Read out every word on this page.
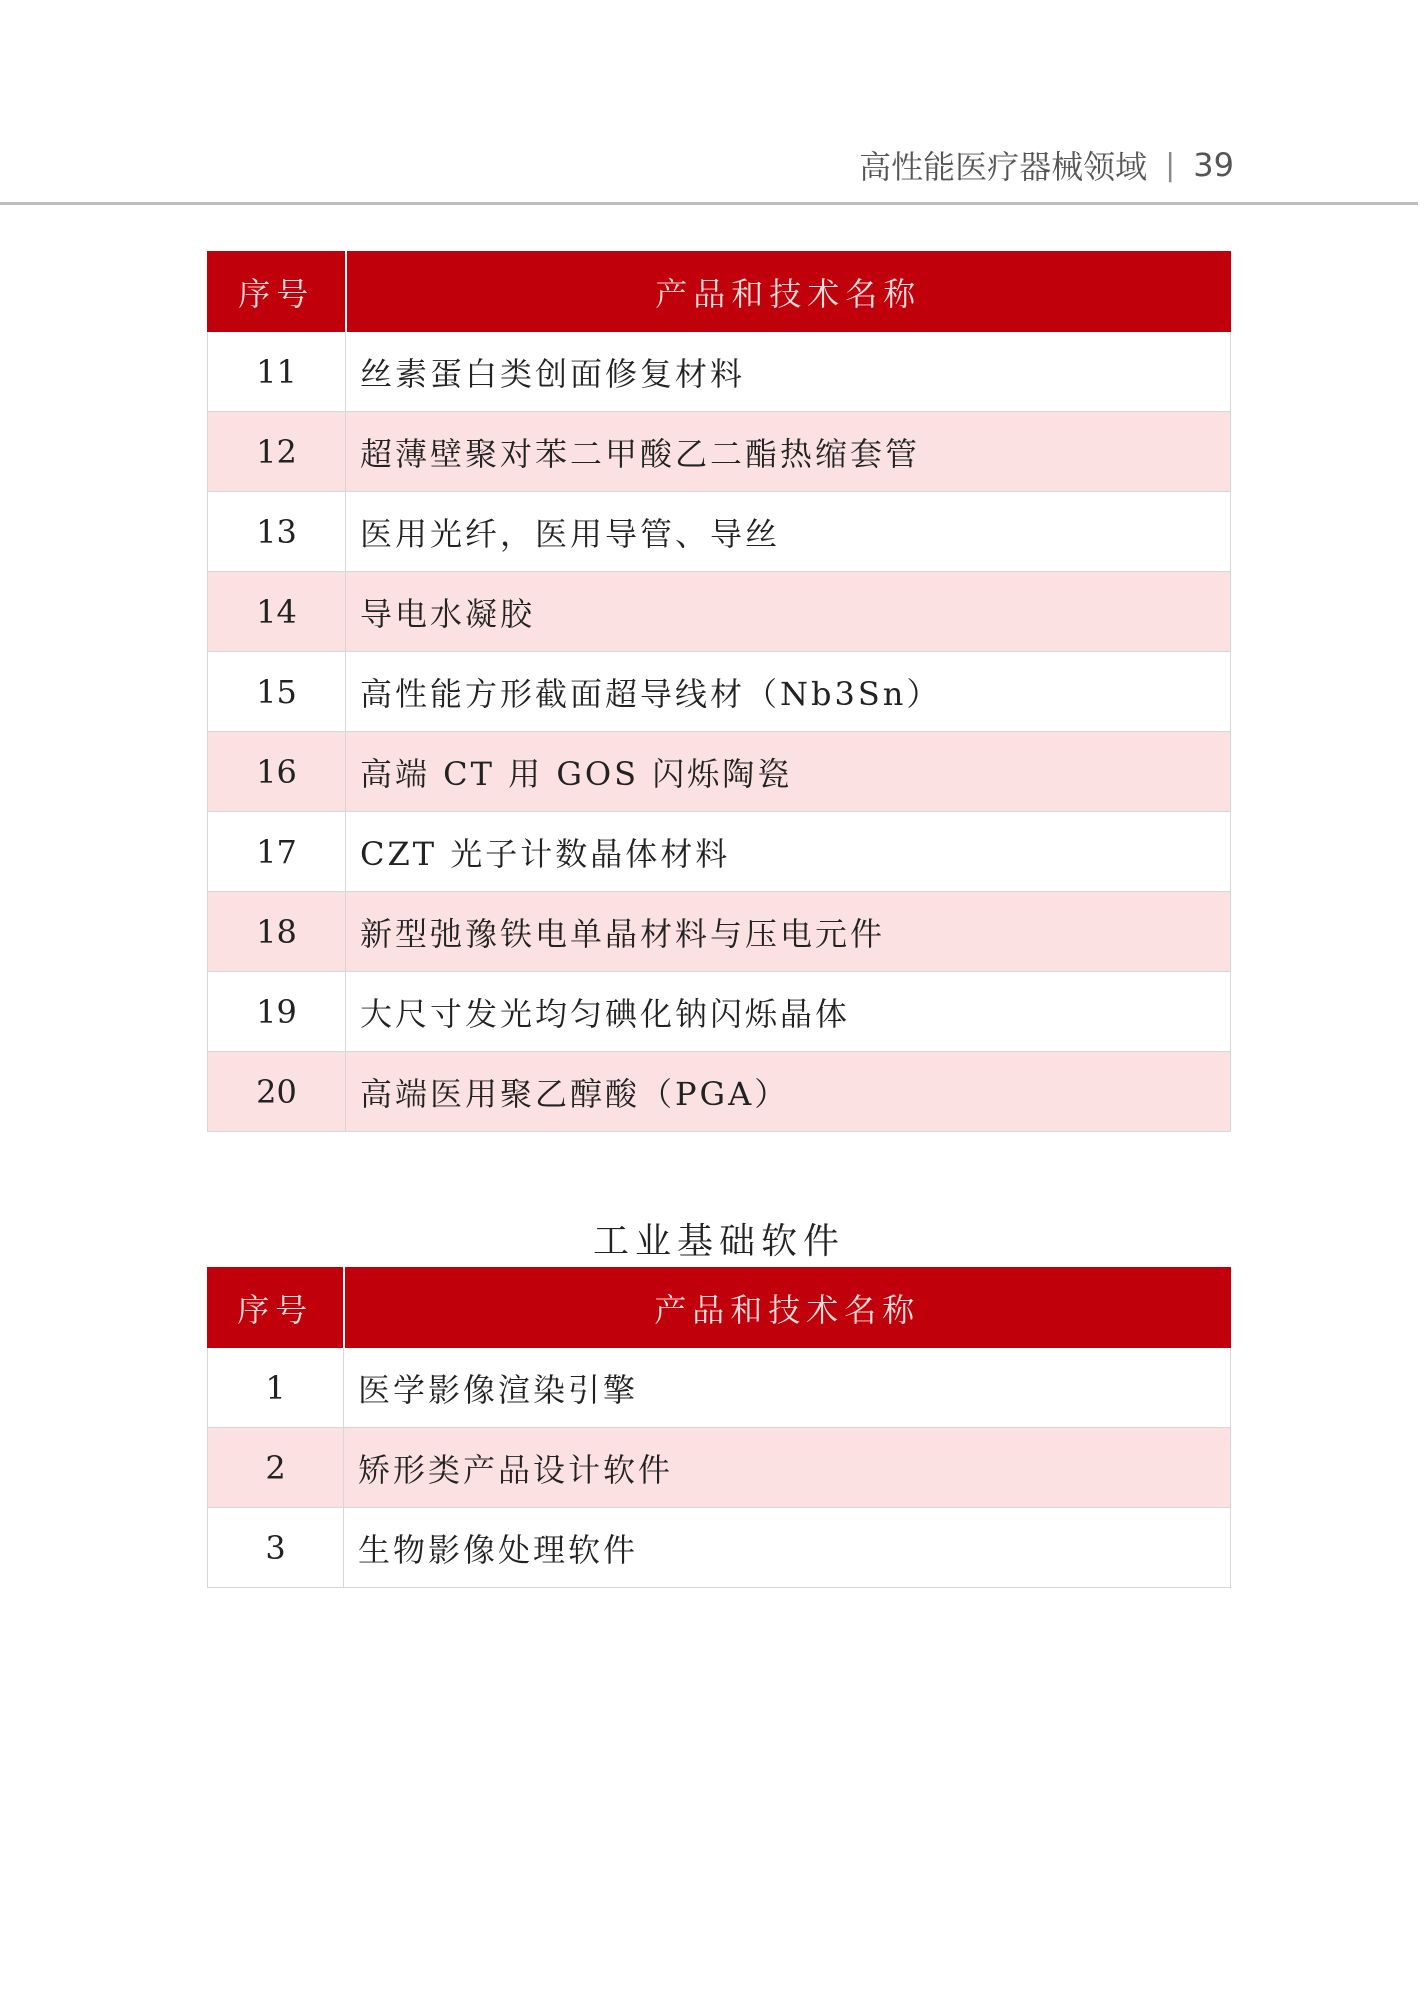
高性能医疗器械领域 | 39
序号	产品和技术名称
11	丝素蛋白类创面修复材料
12	超薄壁聚对苯二甲酸乙二酯热缩套管
13	医用光纤，医用导管、导丝
14	导电水凝胶
15	高性能方形截面超导线材（Nb3Sn）
16	高端 CT 用 GOS 闪烁陶瓷
17	CZT 光子计数晶体材料
18	新型弛豫铁电单晶材料与压电元件
19	大尺寸发光均匀碘化钠闪烁晶体
20	高端医用聚乙醇酸（PGA）
工业基础软件
序号	产品和技术名称
1	医学影像渲染引擎
2	矫形类产品设计软件
3	生物影像处理软件
